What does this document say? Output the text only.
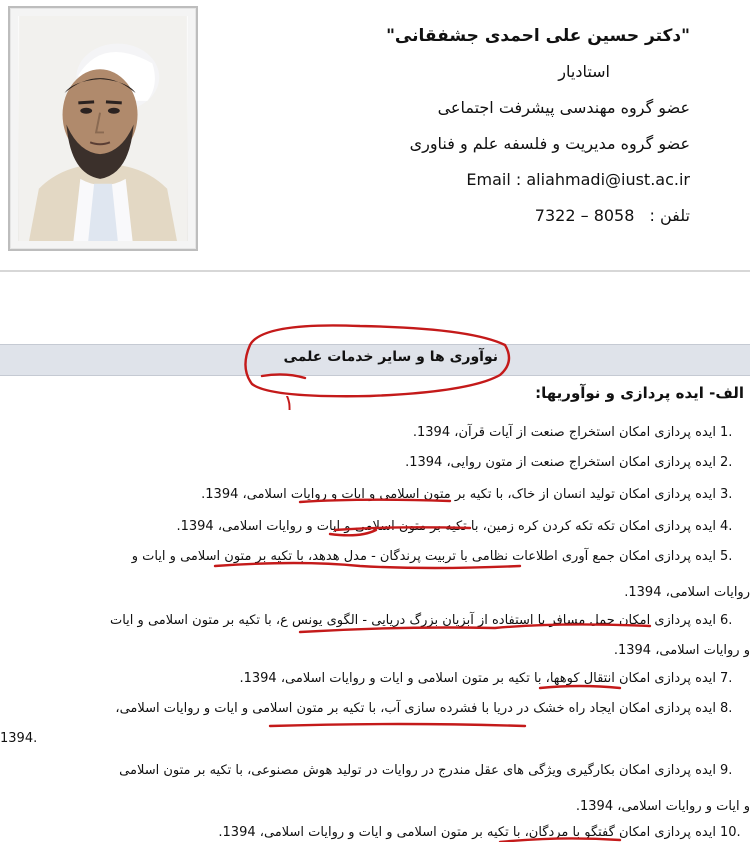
"دکتر حسین علی احمدی جشفقانی"
استادیار
عضو گروه مهندسی پیشرفت اجتماعی
عضو گروه مدیریت و فلسفه علم و فناوری
Email : aliahmadi@iust.ac.ir
تلفن : 7322 – 8058
نوآوری ها و سایر خدمات علمی
الف- ایده پردازی و نوآوریها:
.1ایده پردازی امکان استخراج صنعت از آیات قرآن، 1394.
.2ایده پردازی امکان استخراج صنعت از متون روایی، 1394.
.3ایده پردازی امکان تولید انسان از خاک، با تکیه بر متون اسلامی و ایات و روایات اسلامی، 1394.
.4ایده پردازی امکان تکه تکه کردن کره زمین، با تکیه بر متون اسلامی و ایات و روایات اسلامی، 1394.
.5ایده پردازی امکان جمع آوری اطلاعات نظامی با تربیت پرندگان - مدل هدهد، با تکیه بر متون اسلامی و ایات و
روایات اسلامی، 1394.
.6ایده پردازی امکان حمل مسافر با استفاده از آبزیان بزرگ دریایی - الگوی یونس ع، با تکیه بر متون اسلامی و ایات
و روایات اسلامی، 1394.
.7ایده پردازی امکان انتقال کوهها، با تکیه بر متون اسلامی و ایات و روایات اسلامی، 1394.
.8ایده پردازی امکان ایجاد راه خشک در دریا با فشرده سازی آب، با تکیه بر متون اسلامی و ایات و روایات اسلامی،
1394.
.9ایده پردازی امکان بکارگیری ویژگی های عقل مندرج در روایات در تولید هوش مصنوعی، با تکیه بر متون اسلامی
و ایات و روایات اسلامی، 1394.
.10ایده پردازی امکان گفتگو با مردگان، با تکیه بر متون اسلامی و ایات و روایات اسلامی، 1394.
۱
